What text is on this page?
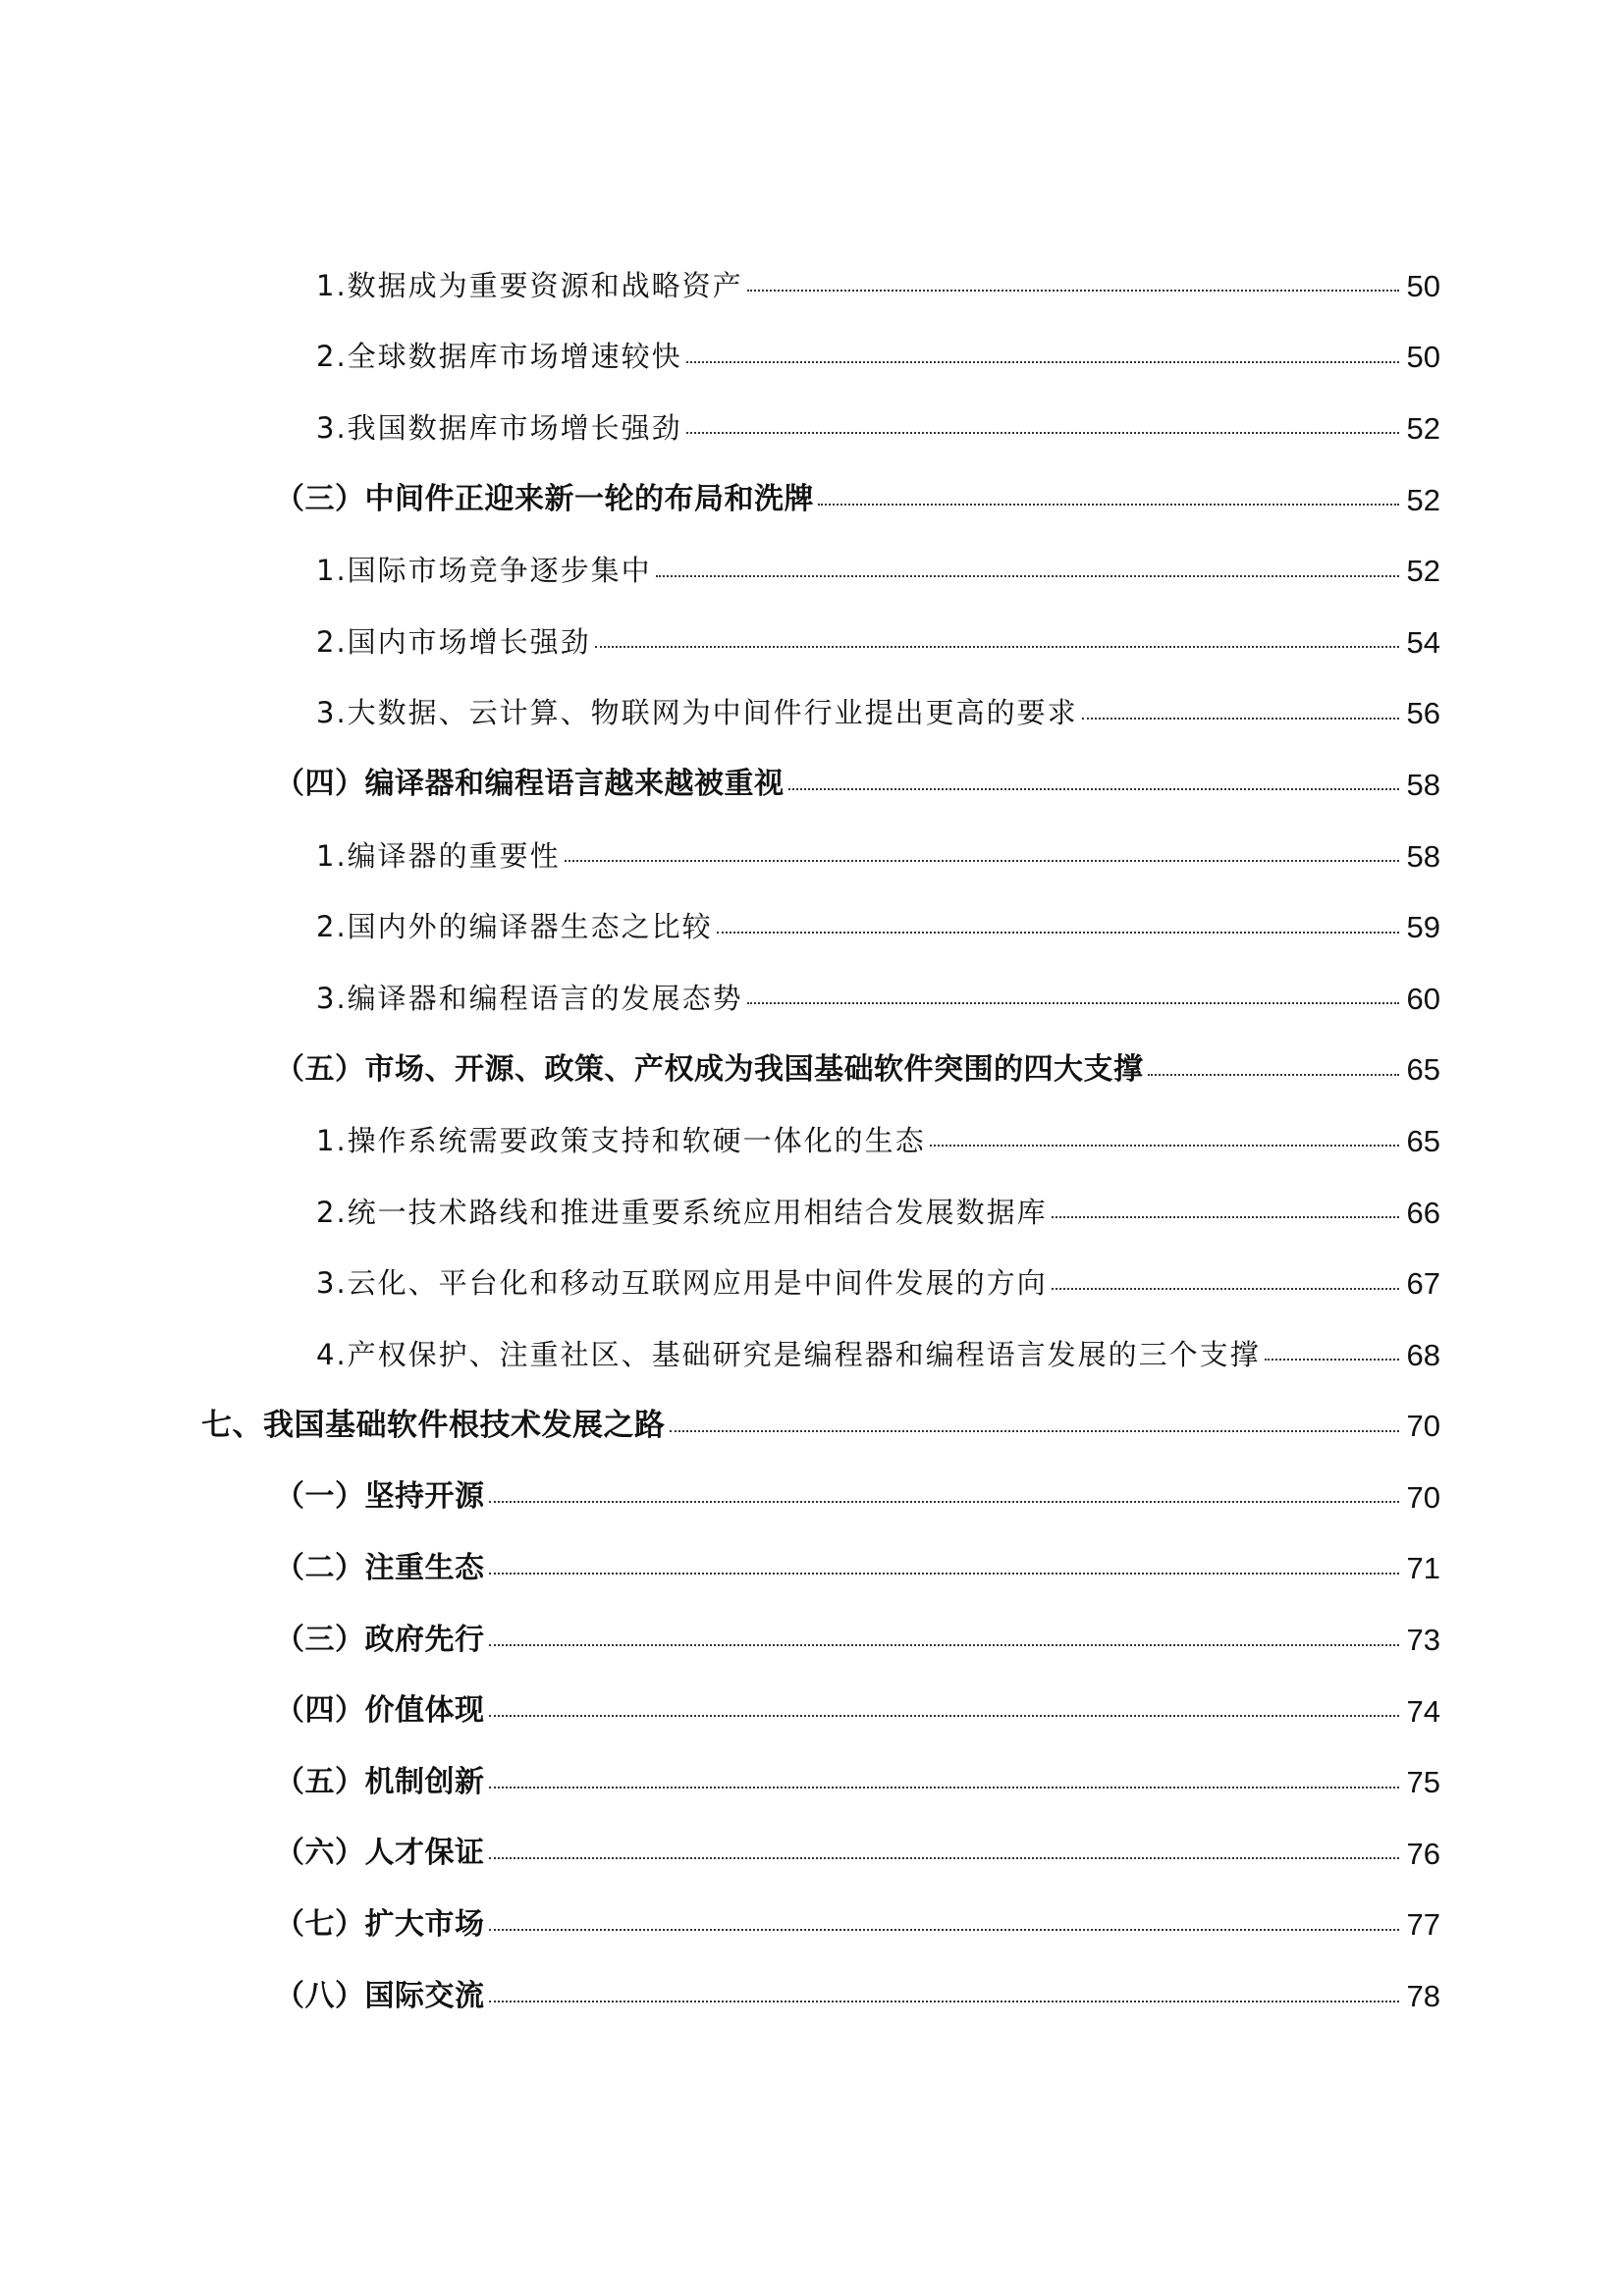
1.数据成为重要资源和战略资产	50
2.全球数据库市场增速较快	50
3.我国数据库市场增长强劲	52
（三）中间件正迎来新一轮的布局和洗牌	52
1.国际市场竞争逐步集中	52
2.国内市场增长强劲	54
3.大数据、云计算、物联网为中间件行业提出更高的要求	56
（四）编译器和编程语言越来越被重视	58
1.编译器的重要性	58
2.国内外的编译器生态之比较	59
3.编译器和编程语言的发展态势	60
（五）市场、开源、政策、产权成为我国基础软件突围的四大支撑	65
1.操作系统需要政策支持和软硬一体化的生态	65
2.统一技术路线和推进重要系统应用相结合发展数据库	66
3.云化、平台化和移动互联网应用是中间件发展的方向	67
4.产权保护、注重社区、基础研究是编程器和编程语言发展的三个支撑	68
七、我国基础软件根技术发展之路	70
（一）坚持开源	70
（二）注重生态	71
（三）政府先行	73
（四）价值体现	74
（五）机制创新	75
（六）人才保证	76
（七）扩大市场	77
（八）国际交流	78
